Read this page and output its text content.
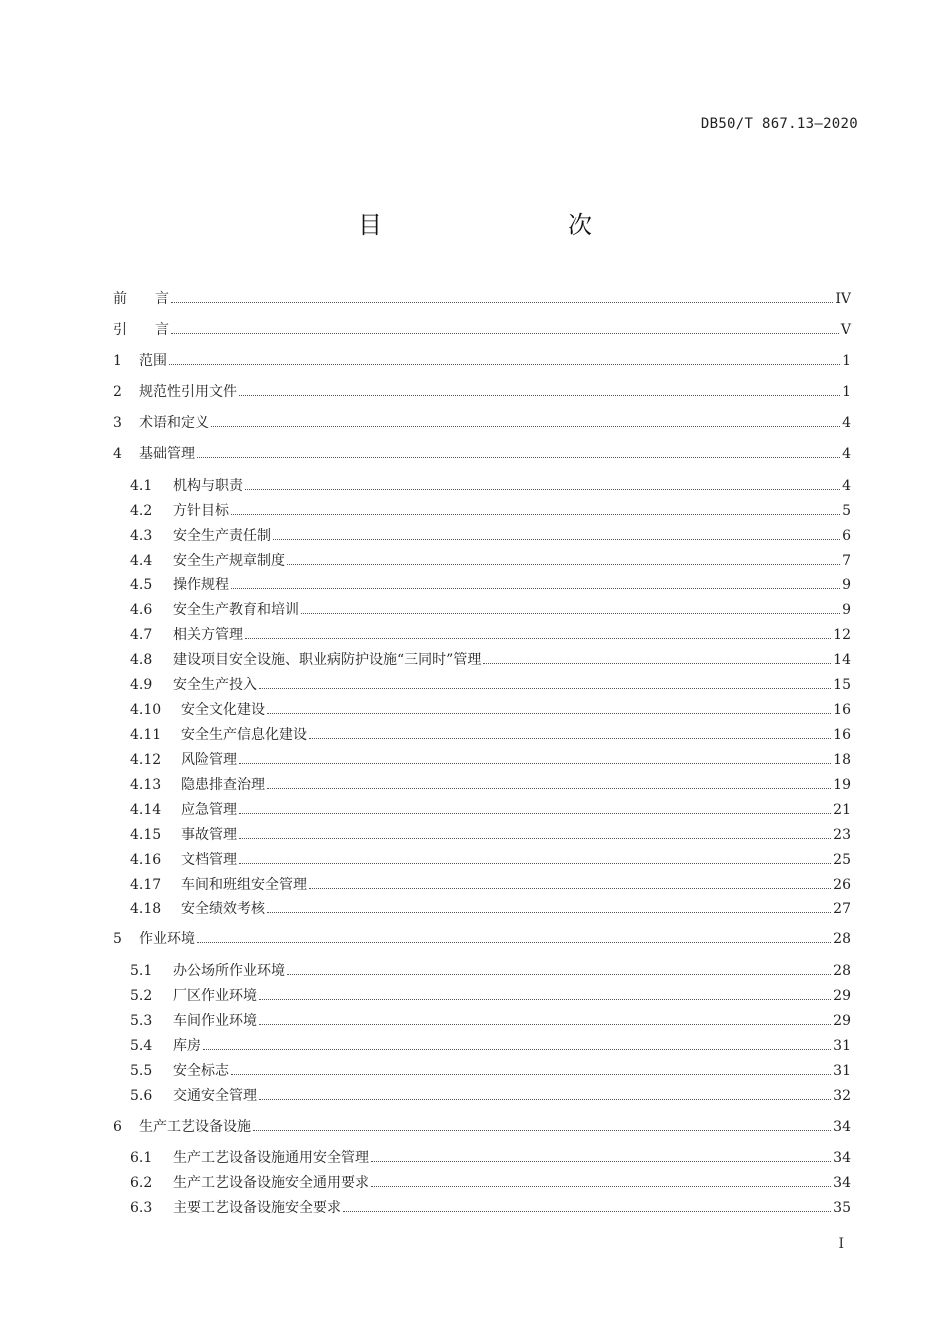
DB50/T 867.13—2020
目　　次
前　　言	IV
引　　言	V
1	范围	1
2	规范性引用文件	1
3	术语和定义	4
4	基础管理	4
4.1	机构与职责	4
4.2	方针目标	5
4.3	安全生产责任制	6
4.4	安全生产规章制度	7
4.5	操作规程	9
4.6	安全生产教育和培训	9
4.7	相关方管理	12
4.8	建设项目安全设施、职业病防护设施“三同时”管理	14
4.9	安全生产投入	15
4.10	安全文化建设	16
4.11	安全生产信息化建设	16
4.12	风险管理	18
4.13	隐患排查治理	19
4.14	应急管理	21
4.15	事故管理	23
4.16	文档管理	25
4.17	车间和班组安全管理	26
4.18	安全绩效考核	27
5	作业环境	28
5.1	办公场所作业环境	28
5.2	厂区作业环境	29
5.3	车间作业环境	29
5.4	库房	31
5.5	安全标志	31
5.6	交通安全管理	32
6	生产工艺设备设施	34
6.1	生产工艺设备设施通用安全管理	34
6.2	生产工艺设备设施安全通用要求	34
6.3	主要工艺设备设施安全要求	35
I
